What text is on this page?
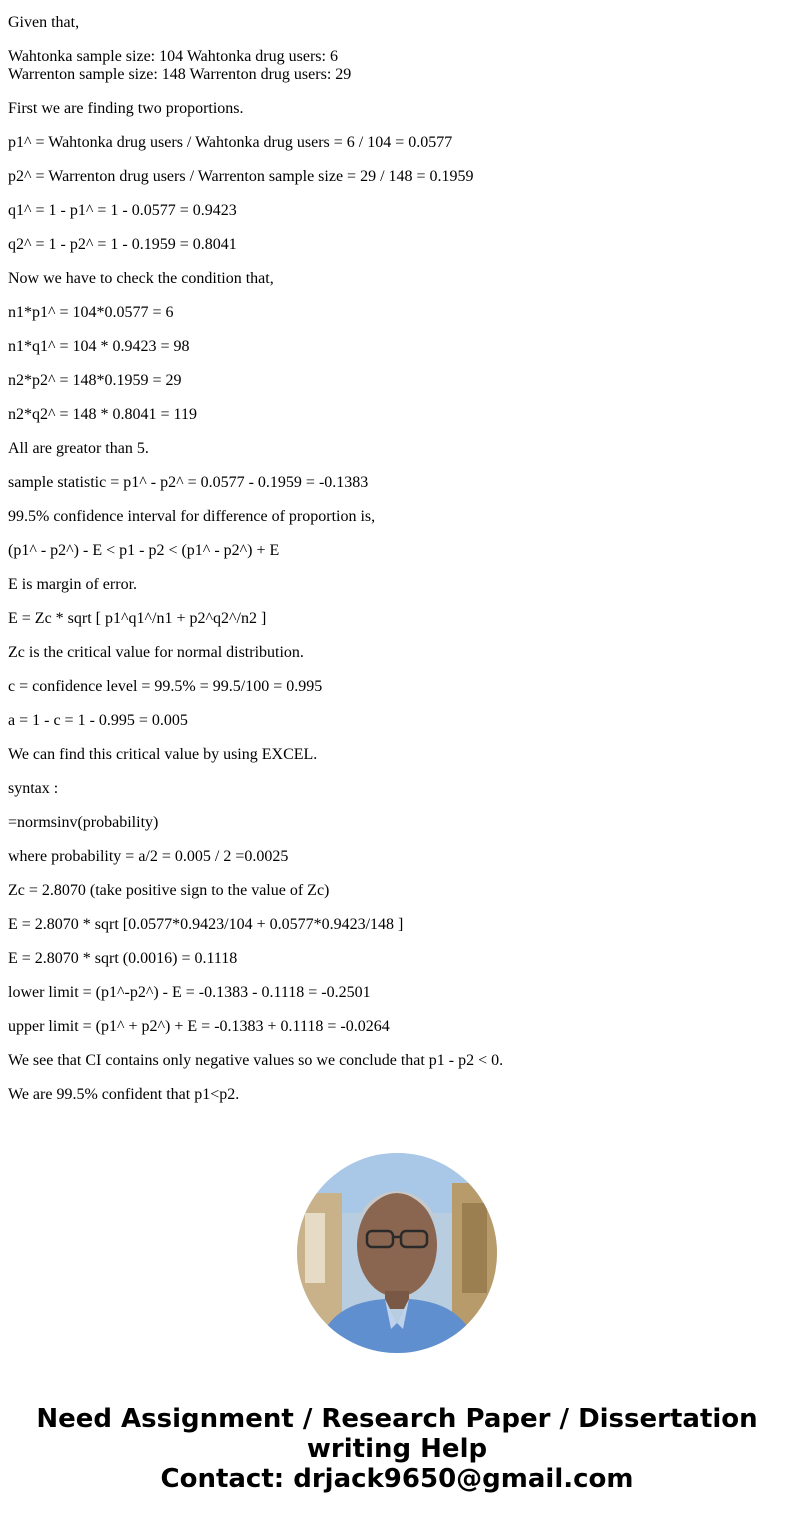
Given that,

Wahtonka sample size: 104 Wahtonka drug users: 6
Warrenton sample size: 148 Warrenton drug users: 29

First we are finding two proportions.

p1^ = Wahtonka drug users / Wahtonka drug users = 6 / 104 = 0.0577

p2^ = Warrenton drug users / Warrenton sample size = 29 / 148 = 0.1959

q1^ = 1 - p1^ = 1 - 0.0577 = 0.9423

q2^ = 1 - p2^ = 1 - 0.1959 = 0.8041

Now we have to check the condition that,

n1*p1^ = 104*0.0577 = 6

n1*q1^ = 104 * 0.9423 = 98

n2*p2^ = 148*0.1959 = 29

n2*q2^ = 148 * 0.8041 = 119

All are greator than 5.

sample statistic = p1^ - p2^ = 0.0577 - 0.1959 = -0.1383

99.5% confidence interval for difference of proportion is,

(p1^ - p2^) - E < p1 - p2 < (p1^ - p2^) + E

E is margin of error.

E = Zc * sqrt [ p1^q1^/n1 + p2^q2^/n2 ]

Zc is the critical value for normal distribution.

c = confidence level = 99.5% = 99.5/100 = 0.995

a = 1 - c = 1 - 0.995 = 0.005

We can find this critical value by using EXCEL.

syntax :

=normsinv(probability)

where probability = a/2 = 0.005 / 2 =0.0025

Zc = 2.8070 (take positive sign to the value of Zc)

E = 2.8070 * sqrt [0.0577*0.9423/104 + 0.0577*0.9423/148 ]

E = 2.8070 * sqrt (0.0016) = 0.1118

lower limit = (p1^-p2^) - E = -0.1383 - 0.1118 = -0.2501

upper limit = (p1^ + p2^) + E = -0.1383 + 0.1118 = -0.0264

We see that CI contains only negative values so we conclude that p1 - p2 < 0.

We are 99.5% confident that p1<p2.

Need Assignment / Research Paper / Dissertation
writing Help
Contact: drjack9650@gmail.com
